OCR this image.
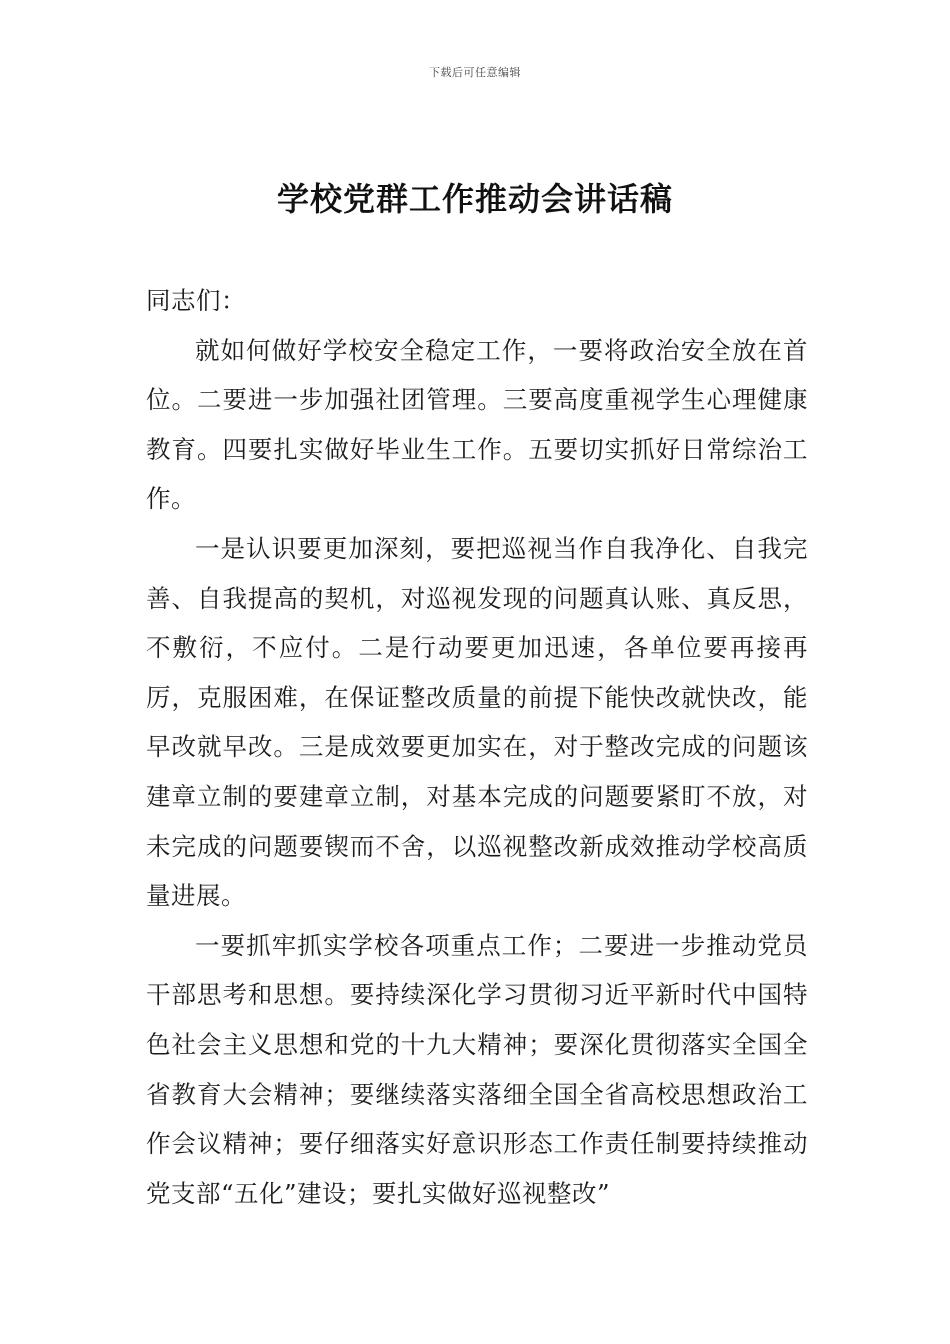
下载后可任意编辑
学校党群工作推动会讲话稿

同志们：

就如何做好学校安全稳定工作，一要将政治安全放在首位。二要进一步加强社团管理。三要高度重视学生心理健康教育。四要扎实做好毕业生工作。五要切实抓好日常综治工作。

一是认识要更加深刻，要把巡视当作自我净化、自我完善、自我提高的契机，对巡视发现的问题真认账、真反思，不敷衍，不应付。二是行动要更加迅速，各单位要再接再厉，克服困难，在保证整改质量的前提下能快改就快改，能早改就早改。三是成效要更加实在，对于整改完成的问题该建章立制的要建章立制，对基本完成的问题要紧盯不放，对未完成的问题要锲而不舍，以巡视整改新成效推动学校高质量进展。

一要抓牢抓实学校各项重点工作；二要进一步推动党员干部思考和思想。要持续深化学习贯彻习近平新时代中国特色社会主义思想和党的十九大精神；要深化贯彻落实全国全省教育大会精神；要继续落实落细全国全省高校思想政治工作会议精神；要仔细落实好意识形态工作责任制要持续推动党支部“五化”建设；要扎实做好巡视整改”
